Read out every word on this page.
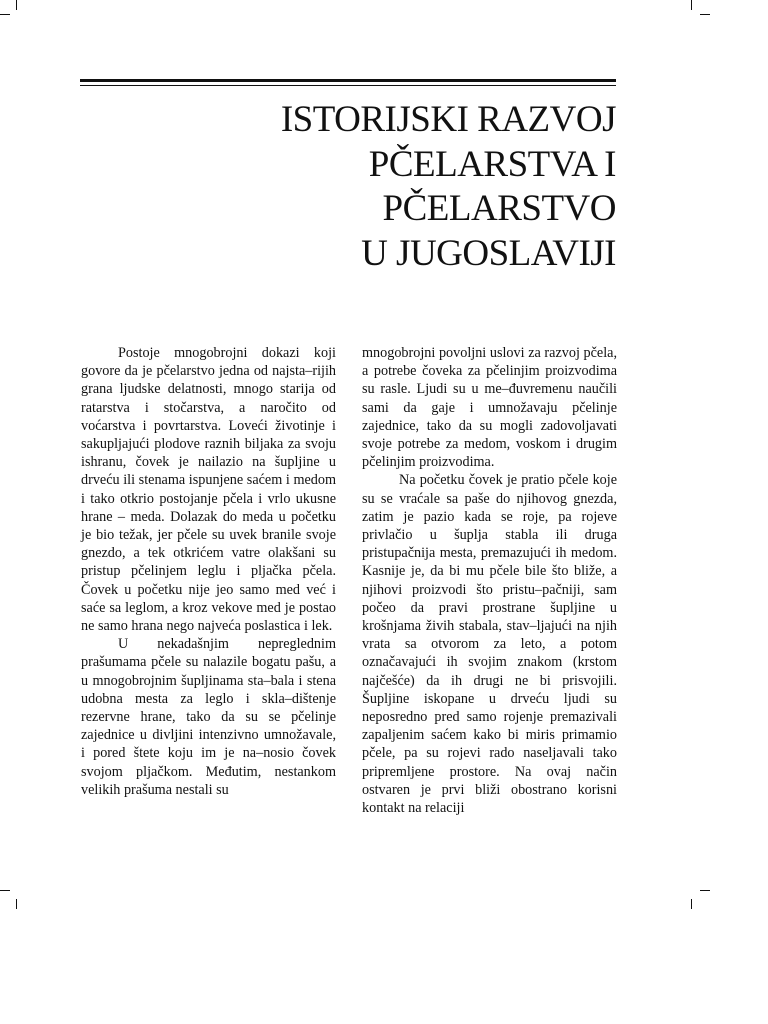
ISTORIJSKI RAZVOJ
PČELARSTVA I
PČELARSTVO
U JUGOSLAVIJI

Postoje mnogobrojni dokazi koji govore da je pčelarstvo jedna od najsta–rijih grana ljudske delatnosti, mnogo starija od ratarstva i stočarstva, a naročito od voćarstva i povrtarstva. Loveći životinje i sakupljajući plodove raznih biljaka za svoju ishranu, čovek je nailazio na šupljine u drveću ili stenama ispunjene saćem i medom i tako otkrio postojanje pčela i vrlo ukusne hrane – meda. Dolazak do meda u početku je bio težak, jer pčele su uvek branile svoje gnezdo, a tek otkrićem vatre olakšani su pristup pčelinjem leglu i pljačka pčela. Čovek u početku nije jeo samo med već i saće sa leglom, a kroz vekove med je postao ne samo hrana nego najveća poslastica i lek.

U nekadašnjim nepreglednim prašumama pčele su nalazile bogatu pašu, a u mnogobrojnim šupljinama sta–bala i stena udobna mesta za leglo i skla–dištenje rezervne hrane, tako da su se pčelinje zajednice u divljini intenzivno umnožavale, i pored štete koju im je na–nosio čovek svojom pljačkom. Međutim, nestankom velikih prašuma nestali su

mnogobrojni povoljni uslovi za razvoj pčela, a potrebe čoveka za pčelinjim proizvodima su rasle. Ljudi su u me–đuvremenu naučili sami da gaje i umnožavaju pčelinje zajednice, tako da su mogli zadovoljavati svoje potrebe za medom, voskom i drugim pčelinjim proizvodima.

Na početku čovek je pratio pčele koje su se vraćale sa paše do njihovog gnezda, zatim je pazio kada se roje, pa rojeve privlačio u šuplja stabla ili druga pristupačnija mesta, premazujući ih medom. Kasnije je, da bi mu pčele bile što bliže, a njihovi proizvodi što pristu–pačniji, sam počeo da pravi prostrane šupljine u krošnjama živih stabala, stav–ljajući na njih vrata sa otvorom za leto, a potom označavajući ih svojim znakom (krstom najčešće) da ih drugi ne bi prisvojili. Šupljine iskopane u drveću ljudi su neposredno pred samo rojenje premazivali zapaljenim saćem kako bi miris primamio pčele, pa su rojevi rado naseljavali tako pripremljene prostore. Na ovaj način ostvaren je prvi bliži obostrano korisni kontakt na relaciji
